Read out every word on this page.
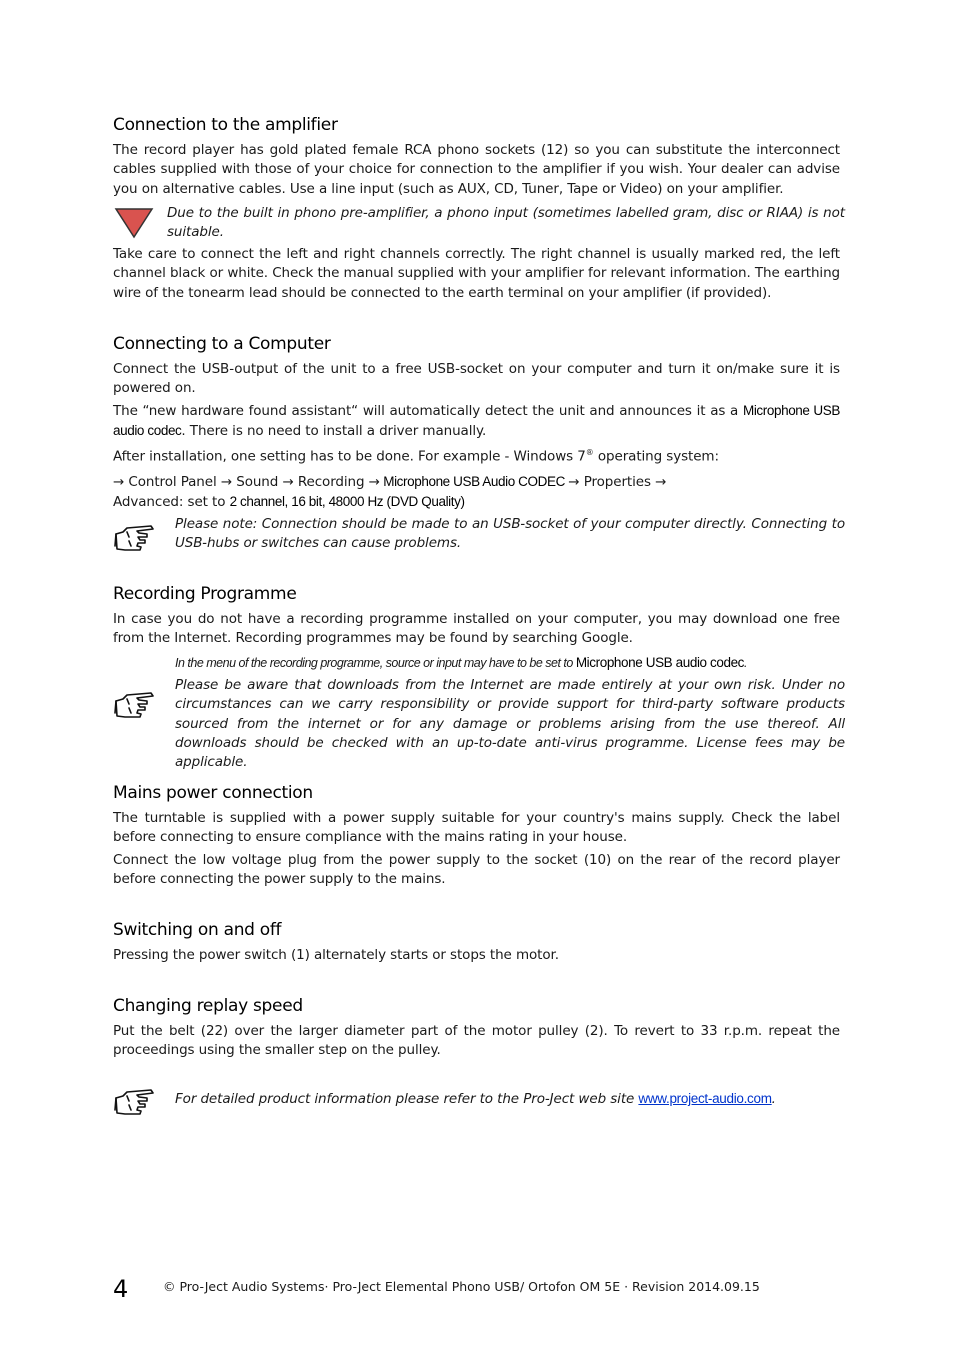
Connection to the amplifier

The record player has gold plated female RCA phono sockets (12) so you can substitute the interconnect cables supplied with those of your choice for connection to the amplifier if you wish. Your dealer can advise you on alternative cables. Use a line input (such as AUX, CD, Tuner, Tape or Video) on your amplifier.

Due to the built in phono pre-amplifier, a phono input (sometimes labelled gram, disc or RIAA) is not suitable.

Take care to connect the left and right channels correctly. The right channel is usually marked red, the left channel black or white. Check the manual supplied with your amplifier for relevant information. The earthing wire of the tonearm lead should be connected to the earth terminal on your amplifier (if provided).

Connecting to a Computer

Connect the USB-output of the unit to a free USB-socket on your computer and turn it on/make sure it is powered on.

The “new hardware found assistant“ will automatically detect the unit and announces it as a Microphone USB audio codec. There is no need to install a driver manually.

After installation, one setting has to be done. For example - Windows 7® operating system:

→ Control Panel → Sound → Recording → Microphone USB Audio CODEC → Properties →
Advanced: set to 2 channel, 16 bit, 48000 Hz (DVD Quality)

Please note: Connection should be made to an USB-socket of your computer directly. Connecting to USB-hubs or switches can cause problems.

Recording Programme

In case you do not have a recording programme installed on your computer, you may download one free from the Internet. Recording programmes may be found by searching Google.

In the menu of the recording programme, source or input may have to be set to Microphone USB audio codec.

Please be aware that downloads from the Internet are made entirely at your own risk. Under no circumstances can we carry responsibility or provide support for third-party software products sourced from the internet or for any damage or problems arising from the use thereof. All downloads should be checked with an up-to-date anti-virus programme. License fees may be applicable.

Mains power connection

The turntable is supplied with a power supply suitable for your country's mains supply. Check the label before connecting to ensure compliance with the mains rating in your house.

Connect the low voltage plug from the power supply to the socket (10) on the rear of the record player before connecting the power supply to the mains.

Switching on and off

Pressing the power switch (1) alternately starts or stops the motor.

Changing replay speed

Put the belt (22) over the larger diameter part of the motor pulley (2). To revert to 33 r.p.m. repeat the proceedings using the smaller step on the pulley.

For detailed product information please refer to the Pro-Ject web site www.project-audio.com.

4	© Pro-Ject Audio Systems· Pro-Ject Elemental Phono USB/ Ortofon OM 5E · Revision 2014.09.15
